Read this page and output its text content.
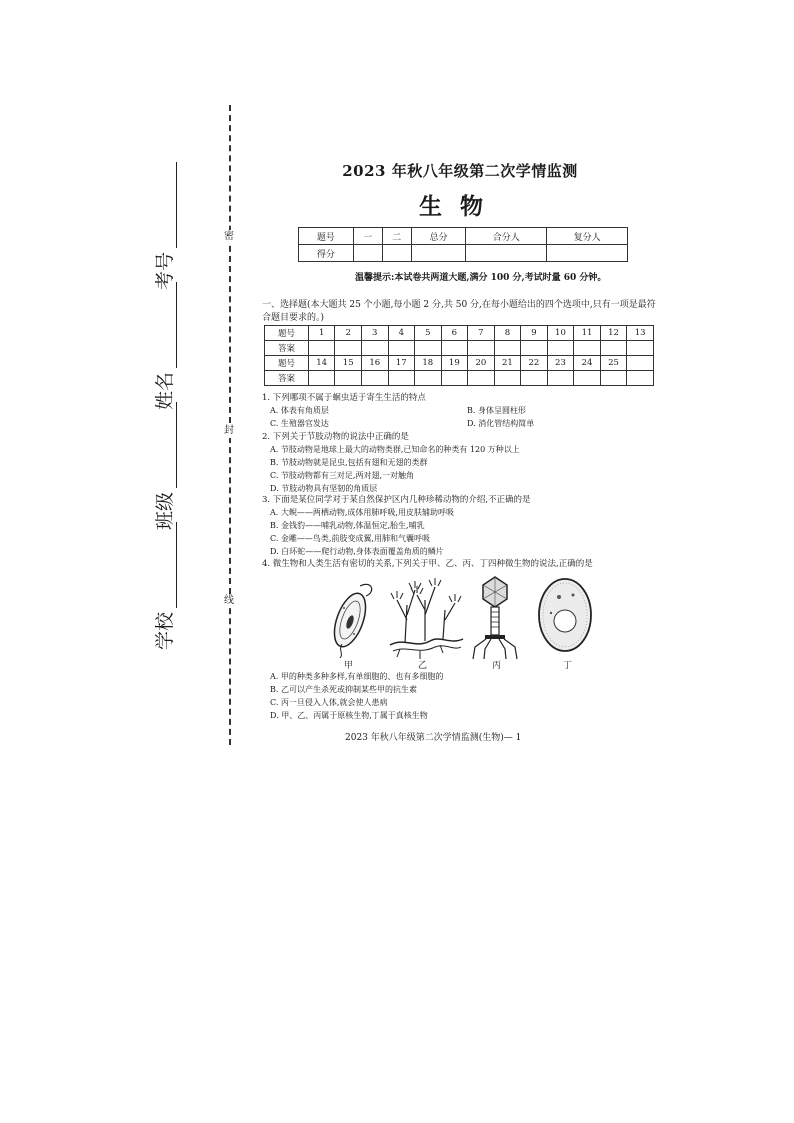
密
封
线
考号
姓名
班级
学校
2023 年秋八年级第二次学情监测
生物
题号	一	二	总分	合分人	复分人
得分					
温馨提示:本试卷共两道大题,满分 100 分,考试时量 60 分钟。
一、选择题(本大题共 25 个小题,每小题 2 分,共 50 分,在每小题给出的四个选项中,只有一项是最符合题目要求的。)
题号	1	2	3	4	5	6	7	8	9	10	11	12	13
答案													
题号	14	15	16	17	18	19	20	21	22	23	24	25	
答案													
1. 下列哪项不属于蛔虫适于寄生生活的特点
A. 体表有角质层	B. 身体呈圆柱形
C. 生殖器官发达	D. 消化管结构简单
2. 下列关于节肢动物的说法中正确的是
A. 节肢动物是地球上最大的动物类群,已知命名的种类有 120 万种以上
B. 节肢动物就是昆虫,包括有翅和无翅的类群
C. 节肢动物都有三对足,两对翅,一对触角
D. 节肢动物具有坚韧的角质层
3. 下面是某位同学对于某自然保护区内几种珍稀动物的介绍,不正确的是
A. 大鲵——两栖动物,成体用肺呼吸,用皮肤辅助呼吸
B. 金钱豹——哺乳动物,体温恒定,胎生,哺乳
C. 金雕——鸟类,前肢变成翼,用肺和气囊呼吸
D. 白环蛇——爬行动物,身体表面覆盖角质的鳞片
4. 微生物和人类生活有密切的关系,下列关于甲、乙、丙、丁四种微生物的说法,正确的是
甲	乙	丙	丁
A. 甲的种类多种多样,有单细胞的、也有多细胞的
B. 乙可以产生杀死或抑制某些甲的抗生素
C. 丙一旦侵入人体,就会使人患病
D. 甲、乙、丙属于原核生物,丁属于真核生物
2023 年秋八年级第二次学情监测(生物)— 1
